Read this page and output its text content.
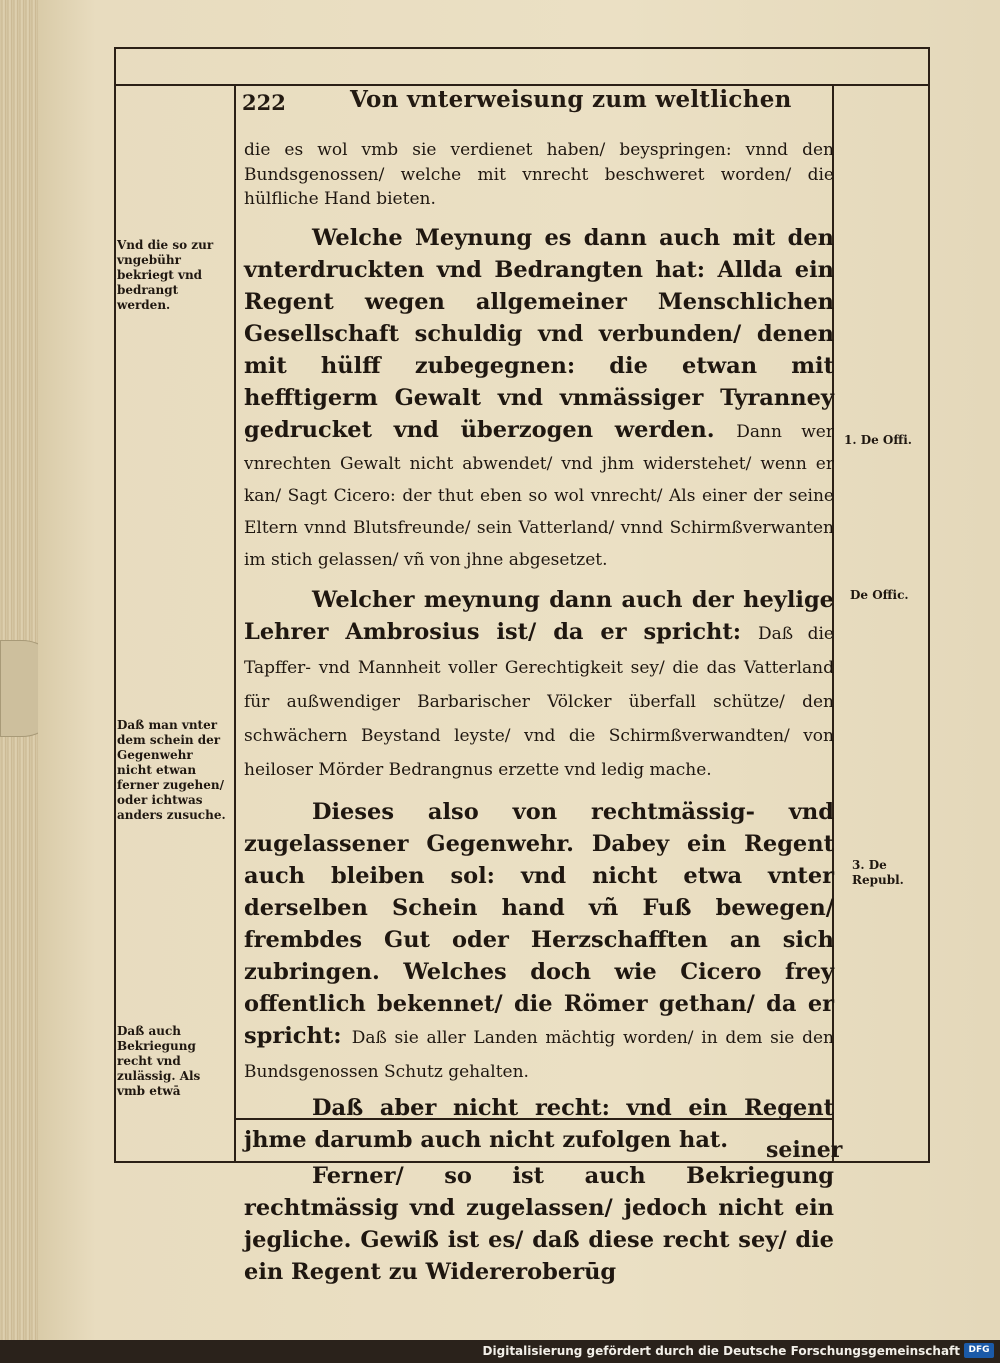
222	Von vnterweisung zum weltlichen

die es wol vmb sie verdienet haben/ beyspringen: vnnd den Bundsgenossen/ welche mit vnrecht beschweret worden/ die hülfliche Hand bieten.

Welche Meynung es dann auch mit den vnterdruckten vnd Bedrangten hat: Allda ein Regent wegen allgemeiner Menschlichen Gesellschaft schuldig vnd verbunden/ denen mit hülff zubegegnen: die etwan mit hefftigerm Gewalt vnd vnmässiger Tyranney gedrucket vnd überzogen werden. Dann wer vnrechten Gewalt nicht abwendet/ vnd jhm widerstehet/ wenn er kan/ Sagt Cicero: der thut eben so wol vnrecht/ Als einer der seine Eltern vnnd Blutsfreunde/ sein Vatterland/ vnnd Schirmßverwanten im stich gelassen/ vñ von jhne abgesetzet.

Welcher meynung dann auch der heylige Lehrer Ambrosius ist/ da er spricht: Daß die Tapffer- vnd Mannheit voller Gerechtigkeit sey/ die das Vatterland für außwendiger Barbarischer Völcker überfall schütze/ den schwächern Beystand leyste/ vnd die Schirmßverwandten/ von heiloser Mörder Bedrangnus erzette vnd ledig mache.

Dieses also von rechtmässig- vnd zugelassener Gegenwehr. Dabey ein Regent auch bleiben sol: vnd nicht etwa vnter derselben Schein hand vñ Fuß bewegen/ frembdes Gut oder Herzschafften an sich zubringen. Welches doch wie Cicero frey offentlich bekennet/ die Römer gethan/ da er spricht: Daß sie aller Landen mächtig worden/ in dem sie den Bundsgenossen Schutz gehalten.

Daß aber nicht recht: vnd ein Regent jhme darumb auch nicht zufolgen hat.

Ferner/ so ist auch Bekriegung rechtmässig vnd zugelassen/ jedoch nicht ein jegliche. Gewiß ist es/ daß diese recht sey/ die ein Regent zu Widereroberūg

seiner
Vnd die so zur vngebühr bekriegt vnd bedrangt werden.
Daß man vnter dem schein der Gegenwehr nicht etwan ferner zugehen/ oder ichtwas anders zusuche.
Daß auch Bekriegung recht vnd zulässig. Als vmb etwā
1. De Offi.
De Offic.
3. De Republ.
Digitalisierung gefördert durch die Deutsche Forschungsgemeinschaft DFG
